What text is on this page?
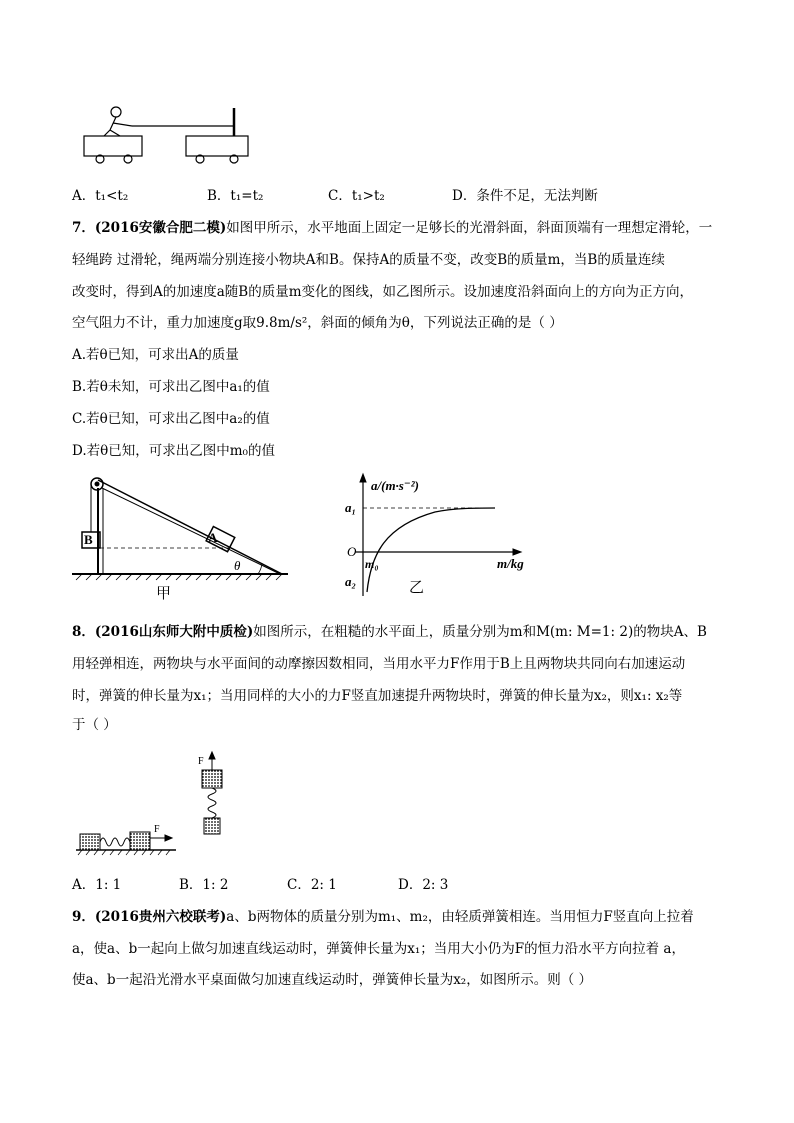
A．t₁<t₂	B．t₁=t₂	C．t₁>t₂	D．条件不足，无法判断
7．(2016安徽合肥二模)如图甲所示，水平地面上固定一足够长的光滑斜面，斜面顶端有一理想定滑轮，一
轻绳跨 过滑轮，绳两端分别连接小物块A和B。保持A的质量不变，改变B的质量m，当B的质量连续
改变时，得到A的加速度a随B的质量m变化的图线，如乙图所示。设加速度沿斜面向上的方向为正方向，
空气阻力不计，重力加速度g取9.8m/s²，斜面的倾角为θ，下列说法正确的是（ ）
A.若θ已知，可求出A的质量
B.若θ未知，可求出乙图中a₁的值
C.若θ已知，可求出乙图中a₂的值
D.若θ已知，可求出乙图中m₀的值
B	A
θ
甲
a₁
O
m₀
a₂
a/(m·s⁻²)
m/kg
乙
8．(2016山东师大附中质检)如图所示，在粗糙的水平面上，质量分别为m和M(m: M=1: 2)的物块A、B
用轻弹相连，两物块与水平面间的动摩擦因数相同，当用水平力F作用于B上且两物块共同向右加速运动
时，弹簧的伸长量为x₁；当用同样的大小的力F竖直加速提升两物块时，弹簧的伸长量为x₂，则x₁: x₂等
于（ ）
F
F
A．1: 1	B．1: 2	C．2: 1	D．2: 3
9．(2016贵州六校联考)a、b两物体的质量分别为m₁、m₂，由轻质弹簧相连。当用恒力F竖直向上拉着
a，使a、b一起向上做匀加速直线运动时，弹簧伸长量为x₁；当用大小仍为F的恒力沿水平方向拉着 a，
使a、b一起沿光滑水平桌面做匀加速直线运动时，弹簧伸长量为x₂，如图所示。则（ ）
